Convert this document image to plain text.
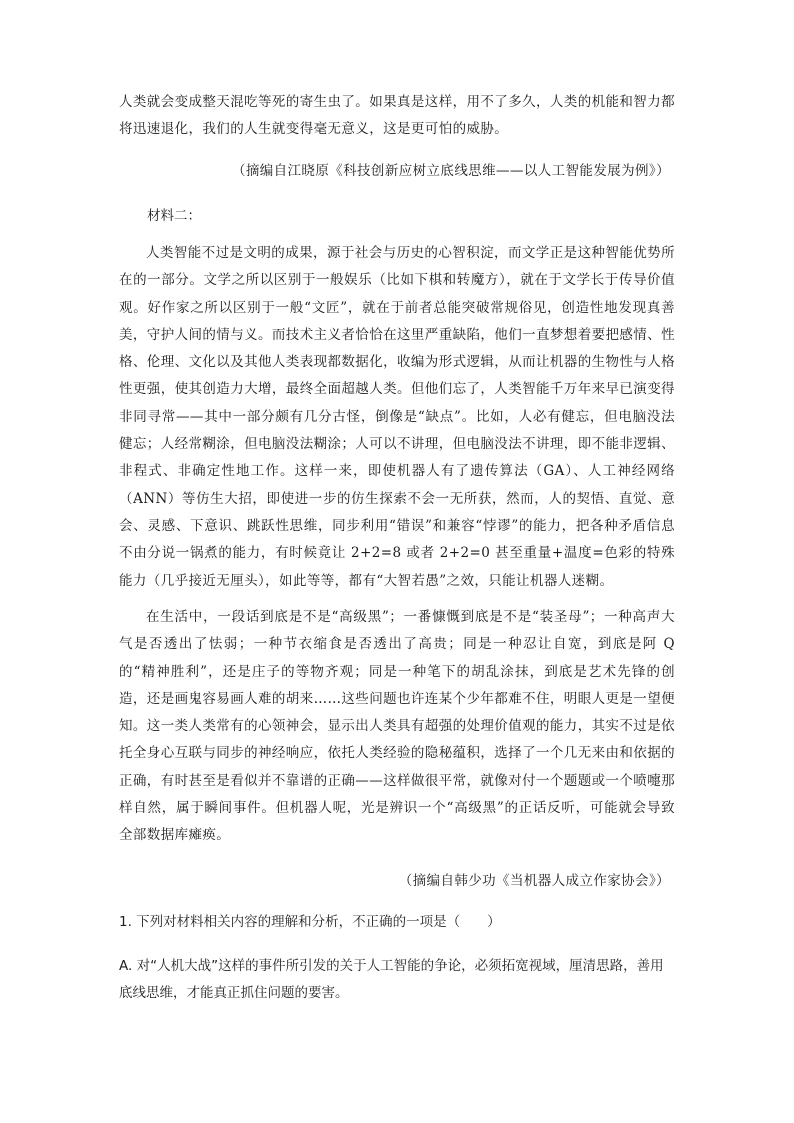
人类就会变成整天混吃等死的寄生虫了。如果真是这样，用不了多久，人类的机能和智力都将迅速退化，我们的人生就变得毫无意义，这是更可怕的威胁。

（摘编自江晓原《科技创新应树立底线思维——以人工智能发展为例》）

材料二：

人类智能不过是文明的成果，源于社会与历史的心智积淀，而文学正是这种智能优势所在的一部分。文学之所以区别于一般娱乐（比如下棋和转魔方），就在于文学长于传导价值观。好作家之所以区别于一般“文匠”，就在于前者总能突破常规俗见，创造性地发现真善美，守护人间的情与义。而技术主义者恰恰在这里严重缺陷，他们一直梦想着要把感情、性格、伦理、文化以及其他人类表现都数据化，收编为形式逻辑，从而让机器的生物性与人格性更强，使其创造力大增，最终全面超越人类。但他们忘了，人类智能千万年来早已演变得非同寻常——其中一部分颇有几分古怪，倒像是“缺点”。比如，人必有健忘，但电脑没法健忘；人经常糊涂，但电脑没法糊涂；人可以不讲理，但电脑没法不讲理，即不能非逻辑、非程式、非确定性地工作。这样一来，即使机器人有了遗传算法（GA）、人工神经网络（ANN）等仿生大招，即使进一步的仿生探索不会一无所获，然而，人的契悟、直觉、意会、灵感、下意识、跳跃性思维，同步利用“错误”和兼容“悖谬”的能力，把各种矛盾信息不由分说一锅煮的能力，有时候竟让 2+2=8 或者 2+2=0 甚至重量+温度=色彩的特殊能力（几乎接近无厘头），如此等等，都有“大智若愚”之效，只能让机器人迷糊。

在生活中，一段话到底是不是“高级黑”；一番慷慨到底是不是“装圣母”；一种高声大气是否透出了怯弱；一种节衣缩食是否透出了高贵；同是一种忍让自宽，到底是阿 Q 的“精神胜利”，还是庄子的等物齐观；同是一种笔下的胡乱涂抹，到底是艺术先锋的创造，还是画鬼容易画人难的胡来……这些问题也许连某个少年都难不住，明眼人更是一望便知。这一类人类常有的心领神会，显示出人类具有超强的处理价值观的能力，其实不过是依托全身心互联与同步的神经响应，依托人类经验的隐秘蕴积，选择了一个几无来由和依据的正确，有时甚至是看似并不靠谱的正确——这样做很平常，就像对付一个题题或一个喷嚏那样自然，属于瞬间事件。但机器人呢，光是辨识一个“高级黑”的正话反听，可能就会导致全部数据库瘫痪。

（摘编自韩少功《当机器人成立作家协会》）

1. 下列对材料相关内容的理解和分析，不正确的一项是（　　）

A. 对“人机大战”这样的事件所引发的关于人工智能的争论，必须拓宽视域，厘清思路，善用底线思维，才能真正抓住问题的要害。
